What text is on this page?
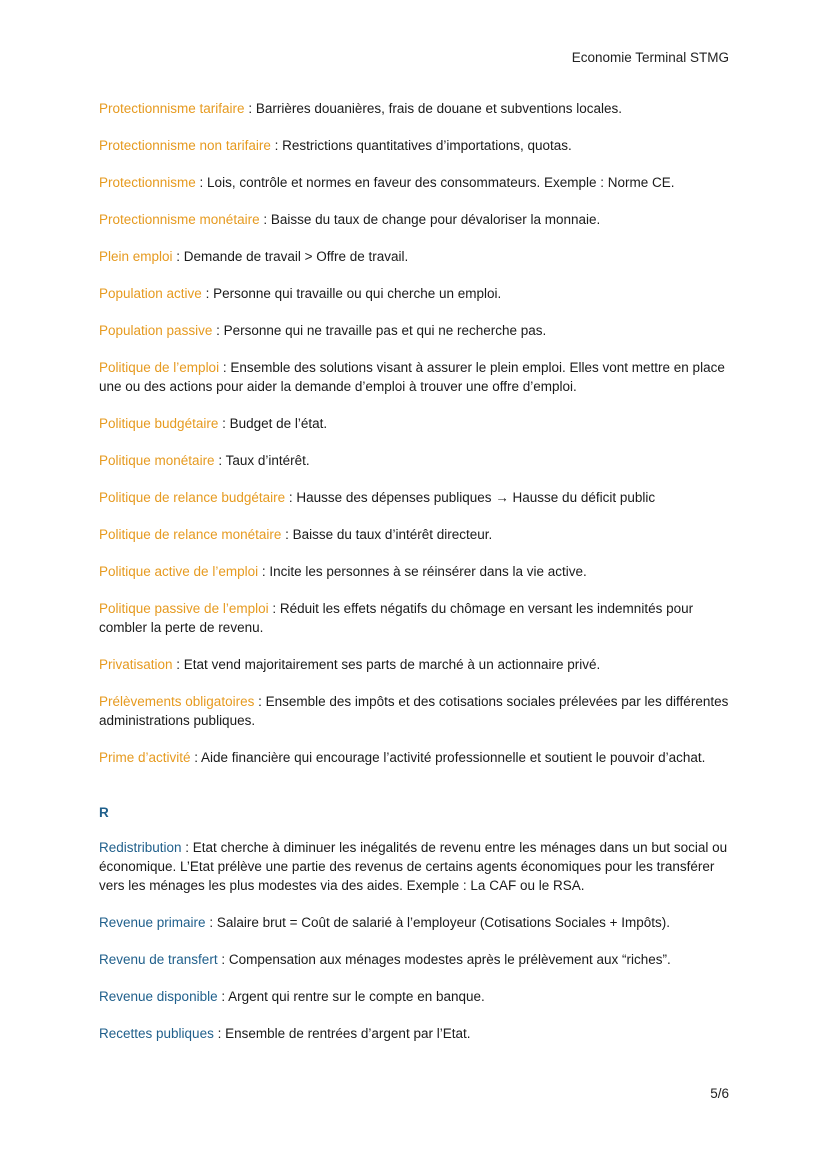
Economie Terminal STMG

Protectionnisme tarifaire : Barrières douanières, frais de douane et subventions locales.

Protectionnisme non tarifaire : Restrictions quantitatives d’importations, quotas.

Protectionnisme : Lois, contrôle et normes en faveur des consommateurs. Exemple : Norme CE.

Protectionnisme monétaire : Baisse du taux de change pour dévaloriser la monnaie.

Plein emploi : Demande de travail > Offre de travail.

Population active : Personne qui travaille ou qui cherche un emploi.

Population passive : Personne qui ne travaille pas et qui ne recherche pas.

Politique de l’emploi : Ensemble des solutions visant à assurer le plein emploi. Elles vont mettre en place une ou des actions pour aider la demande d’emploi à trouver une offre d’emploi.

Politique budgétaire : Budget de l’état.

Politique monétaire : Taux d’intérêt.

Politique de relance budgétaire : Hausse des dépenses publiques → Hausse du déficit public

Politique de relance monétaire : Baisse du taux d’intérêt directeur.

Politique active de l’emploi : Incite les personnes à se réinsérer dans la vie active.

Politique passive de l’emploi : Réduit les effets négatifs du chômage en versant les indemnités pour combler la perte de revenu.

Privatisation : Etat vend majoritairement ses parts de marché à un actionnaire privé.

Prélèvements obligatoires : Ensemble des impôts et des cotisations sociales prélevées par les différentes administrations publiques.

Prime d’activité : Aide financière qui encourage l’activité professionnelle et soutient le pouvoir d’achat.

R

Redistribution : Etat cherche à diminuer les inégalités de revenu entre les ménages dans un but social ou économique. L’Etat prélève une partie des revenus de certains agents économiques pour les transférer vers les ménages les plus modestes via des aides. Exemple : La CAF ou le RSA.

Revenue primaire : Salaire brut = Coût de salarié à l’employeur (Cotisations Sociales + Impôts).

Revenu de transfert : Compensation aux ménages modestes après le prélèvement aux “riches”.

Revenue disponible : Argent qui rentre sur le compte en banque.

Recettes publiques : Ensemble de rentrées d’argent par l’Etat.

5/6
